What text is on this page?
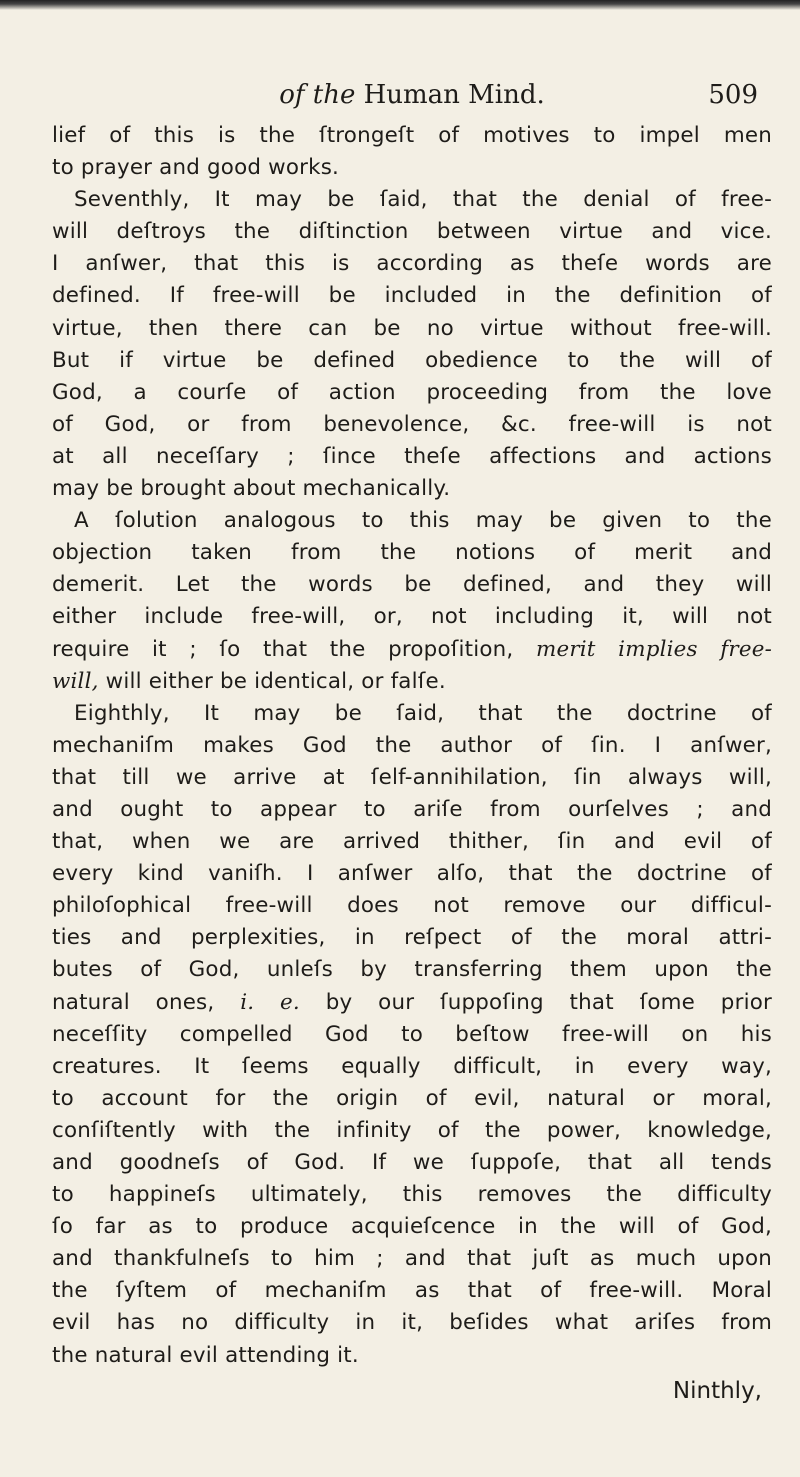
of the Human Mind.	509
lief of this is the ſtrongeſt of motives to impel men
to prayer and good works.
Seventhly, It may be ſaid, that the denial of free-
will deſtroys the diſtinction between virtue and vice.
I anſwer, that this is according as theſe words are
defined. If free-will be included in the definition of
virtue, then there can be no virtue without free-will.
But if virtue be defined obedience to the will of
God, a courſe of action proceeding from the love
of God, or from benevolence, &c. free-will is not
at all neceſſary ; ſince theſe affections and actions
may be brought about mechanically.
A ſolution analogous to this may be given to the
objection taken from the notions of merit and
demerit. Let the words be defined, and they will
either include free-will, or, not including it, will not
require it ; ſo that the propoſition, merit implies free-
will, will either be identical, or falſe.
Eighthly, It may be ſaid, that the doctrine of
mechaniſm makes God the author of ſin. I anſwer,
that till we arrive at ſelf-annihilation, ſin always will,
and ought to appear to ariſe from ourſelves ; and
that, when we are arrived thither, ſin and evil of
every kind vaniſh. I anſwer alſo, that the doctrine of
philoſophical free-will does not remove our difficul-
ties and perplexities, in reſpect of the moral attri-
butes of God, unleſs by transferring them upon the
natural ones, i. e. by our ſuppoſing that ſome prior
neceſſity compelled God to beſtow free-will on his
creatures. It ſeems equally difficult, in every way,
to account for the origin of evil, natural or moral,
conſiſtently with the infinity of the power, knowledge,
and goodneſs of God. If we ſuppoſe, that all tends
to happineſs ultimately, this removes the difficulty
ſo far as to produce acquieſcence in the will of God,
and thankfulneſs to him ; and that juſt as much upon
the ſyſtem of mechaniſm as that of free-will. Moral
evil has no difficulty in it, beſides what ariſes from
the natural evil attending it.
Ninthly,
